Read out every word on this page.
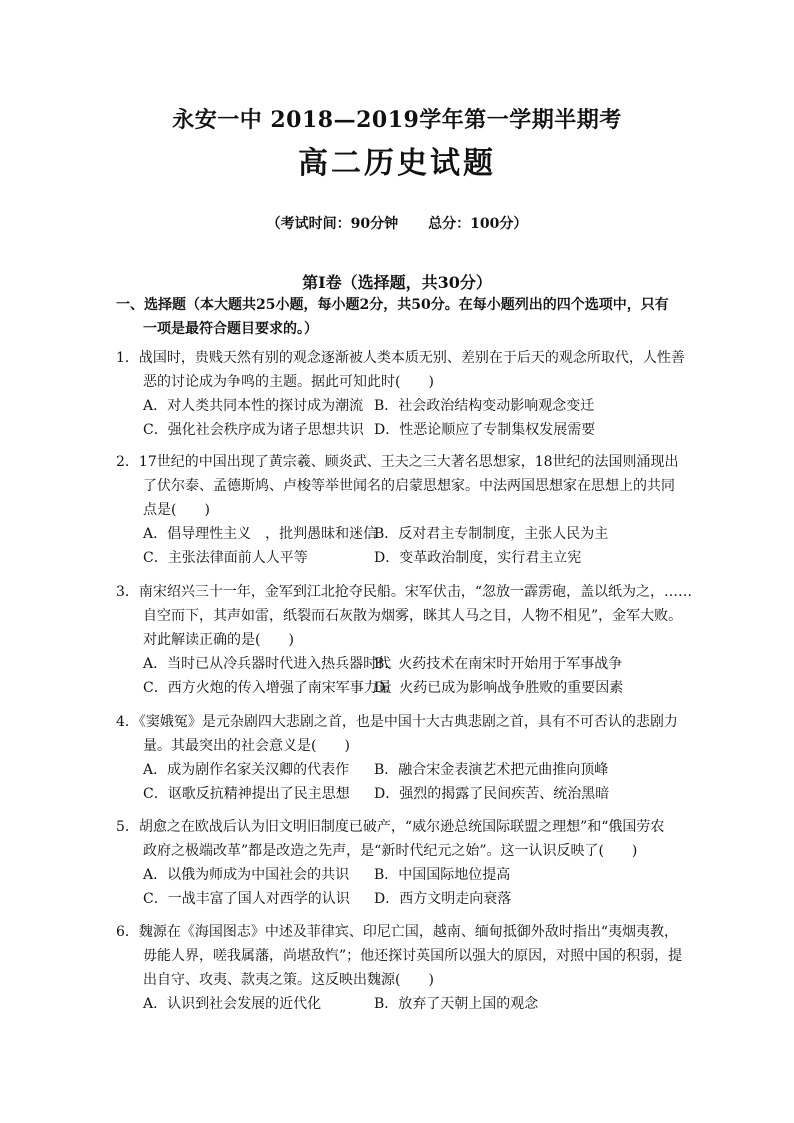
永安一中 2018—2019学年第一学期半期考
高二历史试题
（考试时间：90分钟 总分：100分）
第Ⅰ卷（选择题，共30分）
一、选择题（本大题共25小题，每小题2分，共50分。在每小题列出的四个选项中，只有
一项是最符合题目要求的。）
1．战国时，贵贱天然有别的观念逐渐被人类本质无别、差别在于后天的观念所取代，人性善
恶的讨论成为争鸣的主题。据此可知此时(　　)
A．对人类共同本性的探讨成为潮流 B．社会政治结构变动影响观念变迁
C．强化社会秩序成为诸子思想共识 D．性恶论顺应了专制集权发展需要
2．17世纪的中国出现了黄宗羲、顾炎武、王夫之三大著名思想家，18世纪的法国则涌现出
了伏尔泰、孟德斯鸠、卢梭等举世闻名的启蒙思想家。中法两国思想家在思想上的共同
点是(　　)
A．倡导理性主义　，批判愚昧和迷信
B．反对君主专制制度，主张人民为主
C．主张法律面前人人平等	D．变革政治制度，实行君主立宪
3．南宋绍兴三十一年，金军到江北抢夺民船。宋军伏击，“忽放一霹雳砲，盖以纸为之，……
自空而下，其声如雷，纸裂而石灰散为烟雾，眯其人马之目，人物不相见”，金军大败。
对此解读正确的是(　　)
A．当时已从冷兵器时代进入热兵器时代
B．火药技术在南宋时开始用于军事战争
C．西方火炮的传入增强了南宋军事力量
D．火药已成为影响战争胜败的重要因素
4．《窦娥冤》是元杂剧四大悲剧之首，也是中国十大古典悲剧之首，具有不可否认的悲剧力
量。其最突出的社会意义是(　　)
A．成为剧作名家关汉卿的代表作 B．融合宋金表演艺术把元曲推向顶峰
C．讴歌反抗精神提出了民主思想 D．强烈的揭露了民间疾苦、统治黑暗
5．胡愈之在欧战后认为旧文明旧制度已破产，“威尔逊总统国际联盟之理想”和“俄国劳农
政府之极端改革”都是改造之先声，是“新时代纪元之始”。这一认识反映了(　　)
A．以俄为师成为中国社会的共识 B．中国国际地位提高
C．一战丰富了国人对西学的认识 D．西方文明走向衰落
6．魏源在《海国图志》中述及菲律宾、印尼亡国，越南、缅甸抵御外敌时指出“夷烟夷教，
毋能人界，嗟我属藩，尚堪敌忾”；他还探讨英国所以强大的原因，对照中国的积弱，提
出自守、攻夷、款夷之策。这反映出魏源(　　)
A．认识到社会发展的近代化	B．放弃了天朝上国的观念
